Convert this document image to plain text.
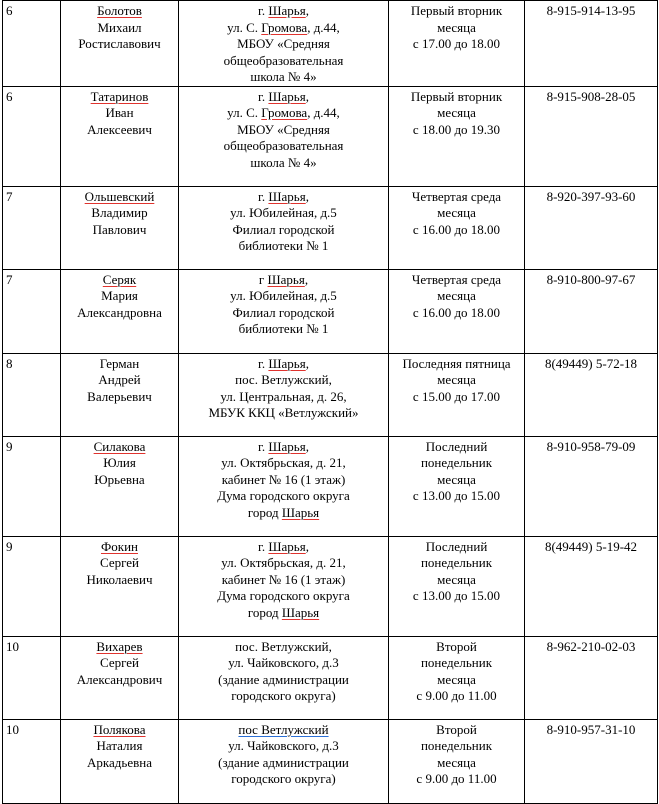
6	Болотов
Михаил
Ростиславович	г. Шарья,
ул. С. Громова, д.44,
МБОУ «Средняя
общеобразовательная
школа № 4»	Первый вторник
месяца
с 17.00 до 18.00	8-915-914-13-95
6	Татаринов
Иван
Алексеевич	г. Шарья,
ул. С. Громова, д.44,
МБОУ «Средняя
общеобразовательная
школа № 4»	Первый вторник
месяца
с 18.00 до 19.30	8-915-908-28-05
7	Ольшевский
Владимир
Павлович	г. Шарья,
ул. Юбилейная, д.5
Филиал городской
библиотеки № 1	Четвертая среда
месяца
с 16.00 до 18.00	8-920-397-93-60
7	Серяк
Мария
Александровна	г Шарья,
ул. Юбилейная, д.5
Филиал городской
библиотеки № 1	Четвертая среда
месяца
с 16.00 до 18.00	8-910-800-97-67
8	Герман
Андрей
Валерьевич	г. Шарья,
пос. Ветлужский,
ул. Центральная, д. 26,
МБУК ККЦ «Ветлужский»	Последняя пятница
месяца
с 15.00 до 17.00	8(49449) 5-72-18
9	Силакова
Юлия
Юрьевна	г. Шарья,
ул. Октябрьская, д. 21,
кабинет № 16 (1 этаж)
Дума городского округа
город Шарья	Последний
понедельник
месяца
с 13.00 до 15.00	8-910-958-79-09
9	Фокин
Сергей
Николаевич	г. Шарья,
ул. Октябрьская, д. 21,
кабинет № 16 (1 этаж)
Дума городского округа
город Шарья	Последний
понедельник
месяца
с 13.00 до 15.00	8(49449) 5-19-42
10	Вихарев
Сергей
Александрович	пос. Ветлужский,
ул. Чайковского, д.3
(здание администрации
городского округа)	Второй
понедельник
месяца
с 9.00 до 11.00	8-962-210-02-03
10	Полякова
Наталия
Аркадьевна	пос Ветлужский
ул. Чайковского, д.3
(здание администрации
городского округа)	Второй
понедельник
месяца
с 9.00 до 11.00	8-910-957-31-10
